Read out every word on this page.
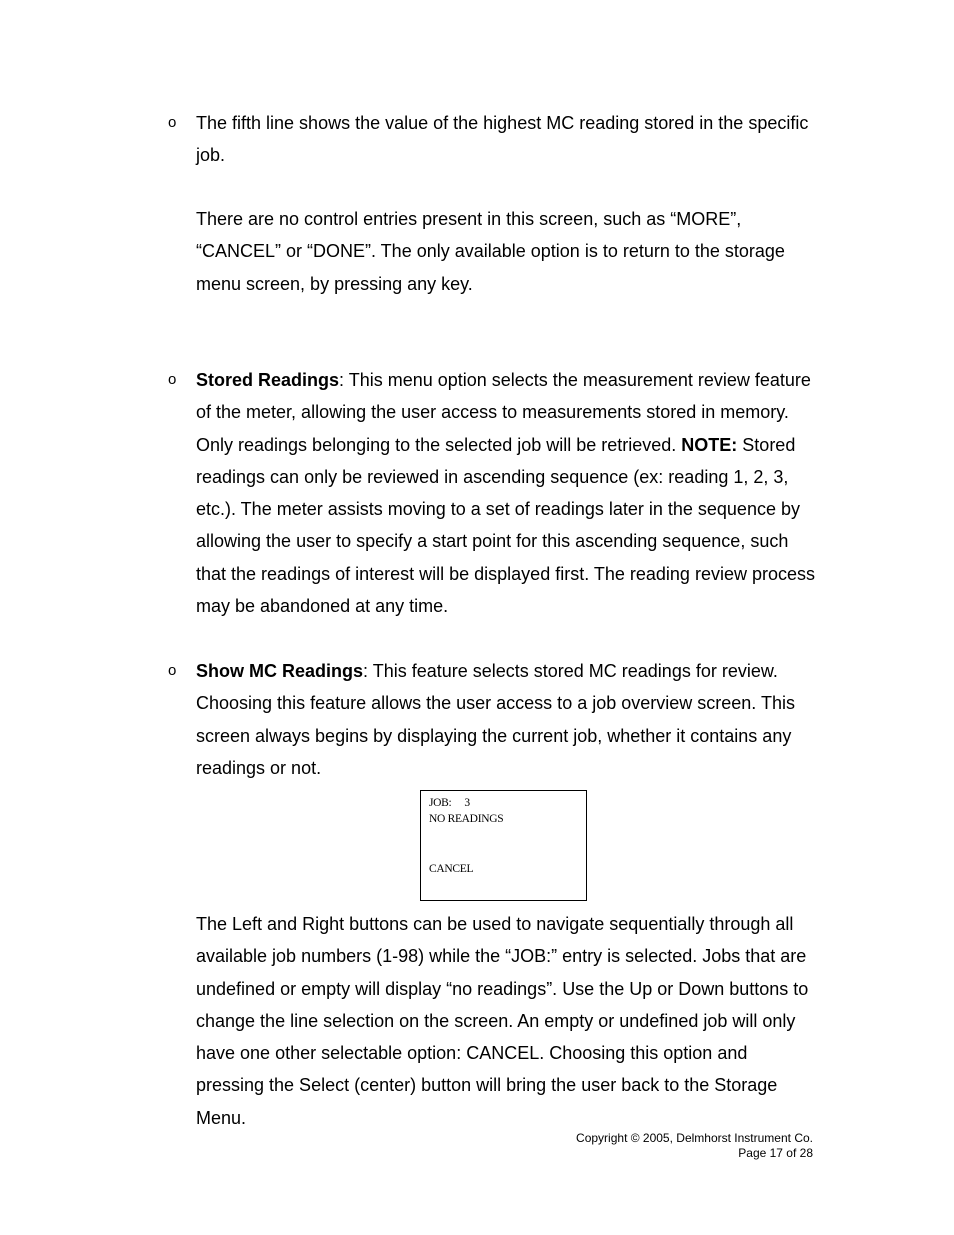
o The fifth line shows the value of the highest MC reading stored in the specific job.

There are no control entries present in this screen, such as “MORE”, “CANCEL” or “DONE”. The only available option is to return to the storage menu screen, by pressing any key.

o Stored Readings: This menu option selects the measurement review feature of the meter, allowing the user access to measurements stored in memory. Only readings belonging to the selected job will be retrieved. NOTE: Stored readings can only be reviewed in ascending sequence (ex: reading 1, 2, 3, etc.). The meter assists moving to a set of readings later in the sequence by allowing the user to specify a start point for this ascending sequence, such that the readings of interest will be displayed first. The reading review process may be abandoned at any time.

o Show MC Readings: This feature selects stored MC readings for review. Choosing this feature allows the user access to a job overview screen. This screen always begins by displaying the current job, whether it contains any readings or not.

JOB:     3
NO READINGS
CANCEL

The Left and Right buttons can be used to navigate sequentially through all available job numbers (1-98) while the “JOB:” entry is selected. Jobs that are undefined or empty will display “no readings”. Use the Up or Down buttons to change the line selection on the screen. An empty or undefined job will only have one other selectable option: CANCEL. Choosing this option and pressing the Select (center) button will bring the user back to the Storage Menu.

Copyright © 2005, Delmhorst Instrument Co.
Page 17 of 28
